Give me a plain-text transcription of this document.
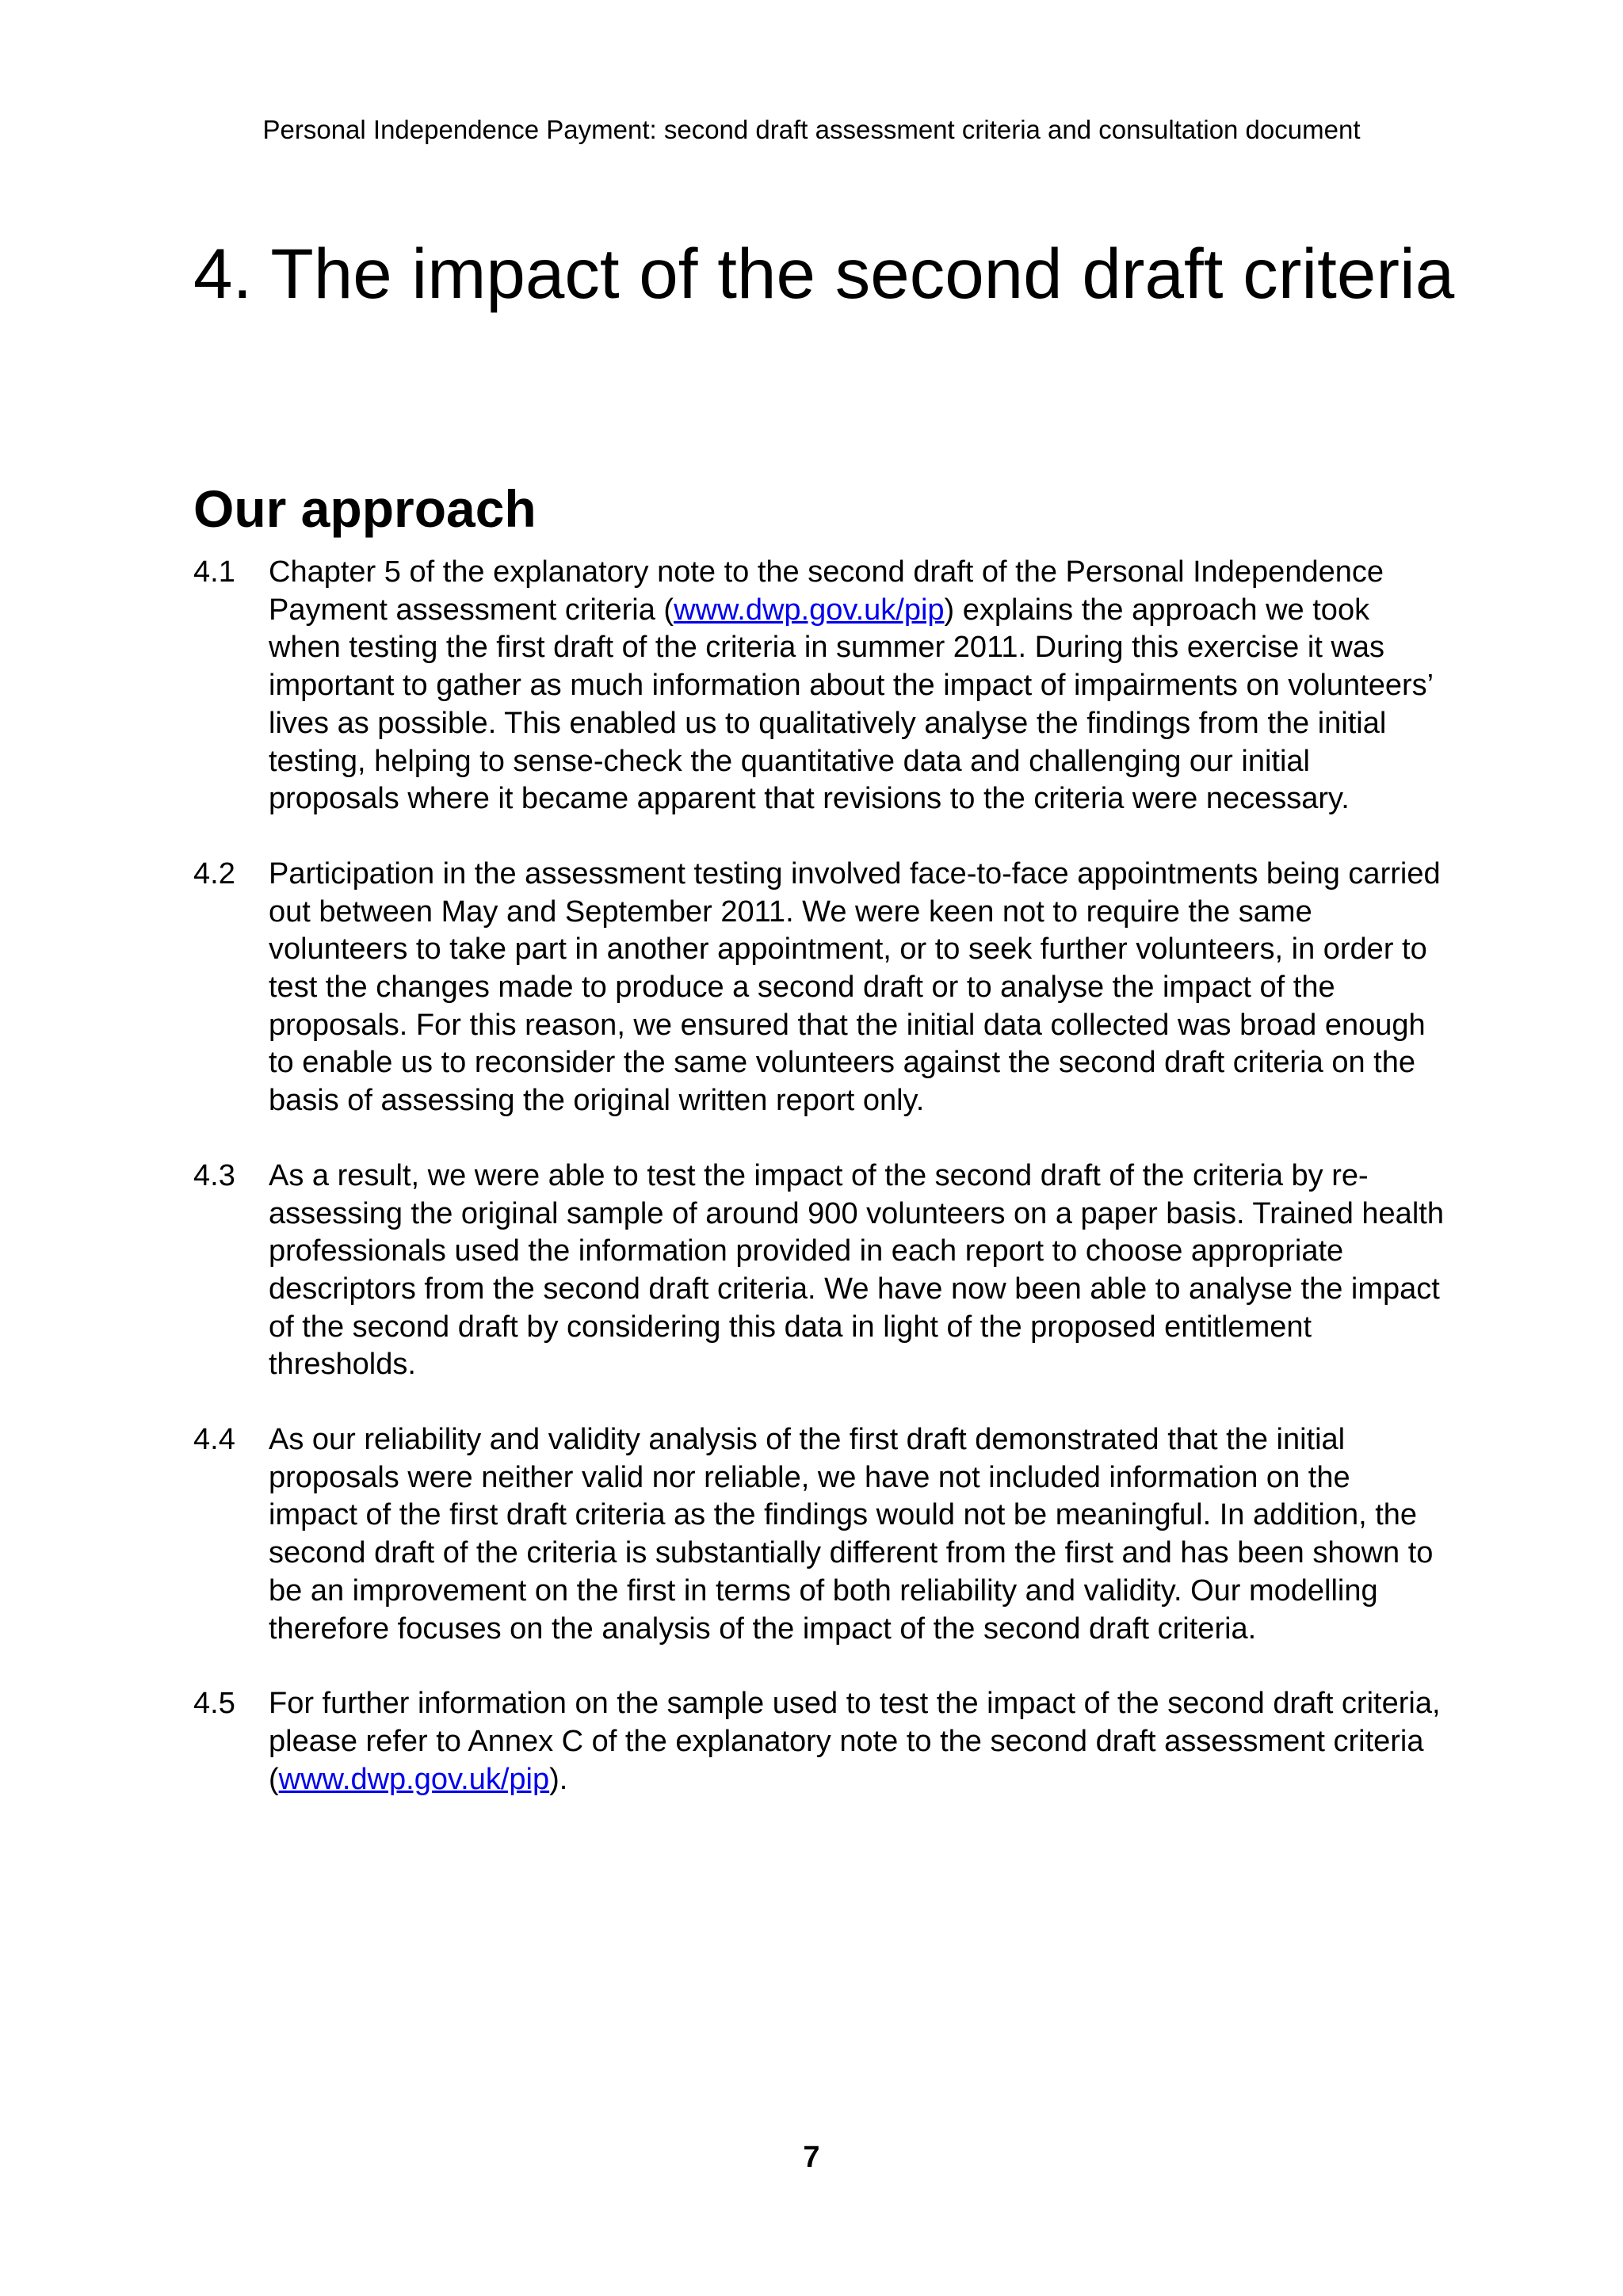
Personal Independence Payment: second draft assessment criteria and consultation document
4. The impact of the second draft criteria
Our approach
4.1	Chapter 5 of the explanatory note to the second draft of the Personal Independence Payment assessment criteria (www.dwp.gov.uk/pip) explains the approach we took when testing the first draft of the criteria in summer 2011. During this exercise it was important to gather as much information about the impact of impairments on volunteers’ lives as possible. This enabled us to qualitatively analyse the findings from the initial testing, helping to sense-check the quantitative data and challenging our initial proposals where it became apparent that revisions to the criteria were necessary.
4.2	Participation in the assessment testing involved face-to-face appointments being carried out between May and September 2011. We were keen not to require the same volunteers to take part in another appointment, or to seek further volunteers, in order to test the changes made to produce a second draft or to analyse the impact of the proposals. For this reason, we ensured that the initial data collected was broad enough to enable us to reconsider the same volunteers against the second draft criteria on the basis of assessing the original written report only.
4.3	As a result, we were able to test the impact of the second draft of the criteria by re-assessing the original sample of around 900 volunteers on a paper basis. Trained health professionals used the information provided in each report to choose appropriate descriptors from the second draft criteria. We have now been able to analyse the impact of the second draft by considering this data in light of the proposed entitlement thresholds.
4.4	As our reliability and validity analysis of the first draft demonstrated that the initial proposals were neither valid nor reliable, we have not included information on the impact of the first draft criteria as the findings would not be meaningful. In addition, the second draft of the criteria is substantially different from the first and has been shown to be an improvement on the first in terms of both reliability and validity. Our modelling therefore focuses on the analysis of the impact of the second draft criteria.
4.5	For further information on the sample used to test the impact of the second draft criteria, please refer to Annex C of the explanatory note to the second draft assessment criteria (www.dwp.gov.uk/pip).
7
